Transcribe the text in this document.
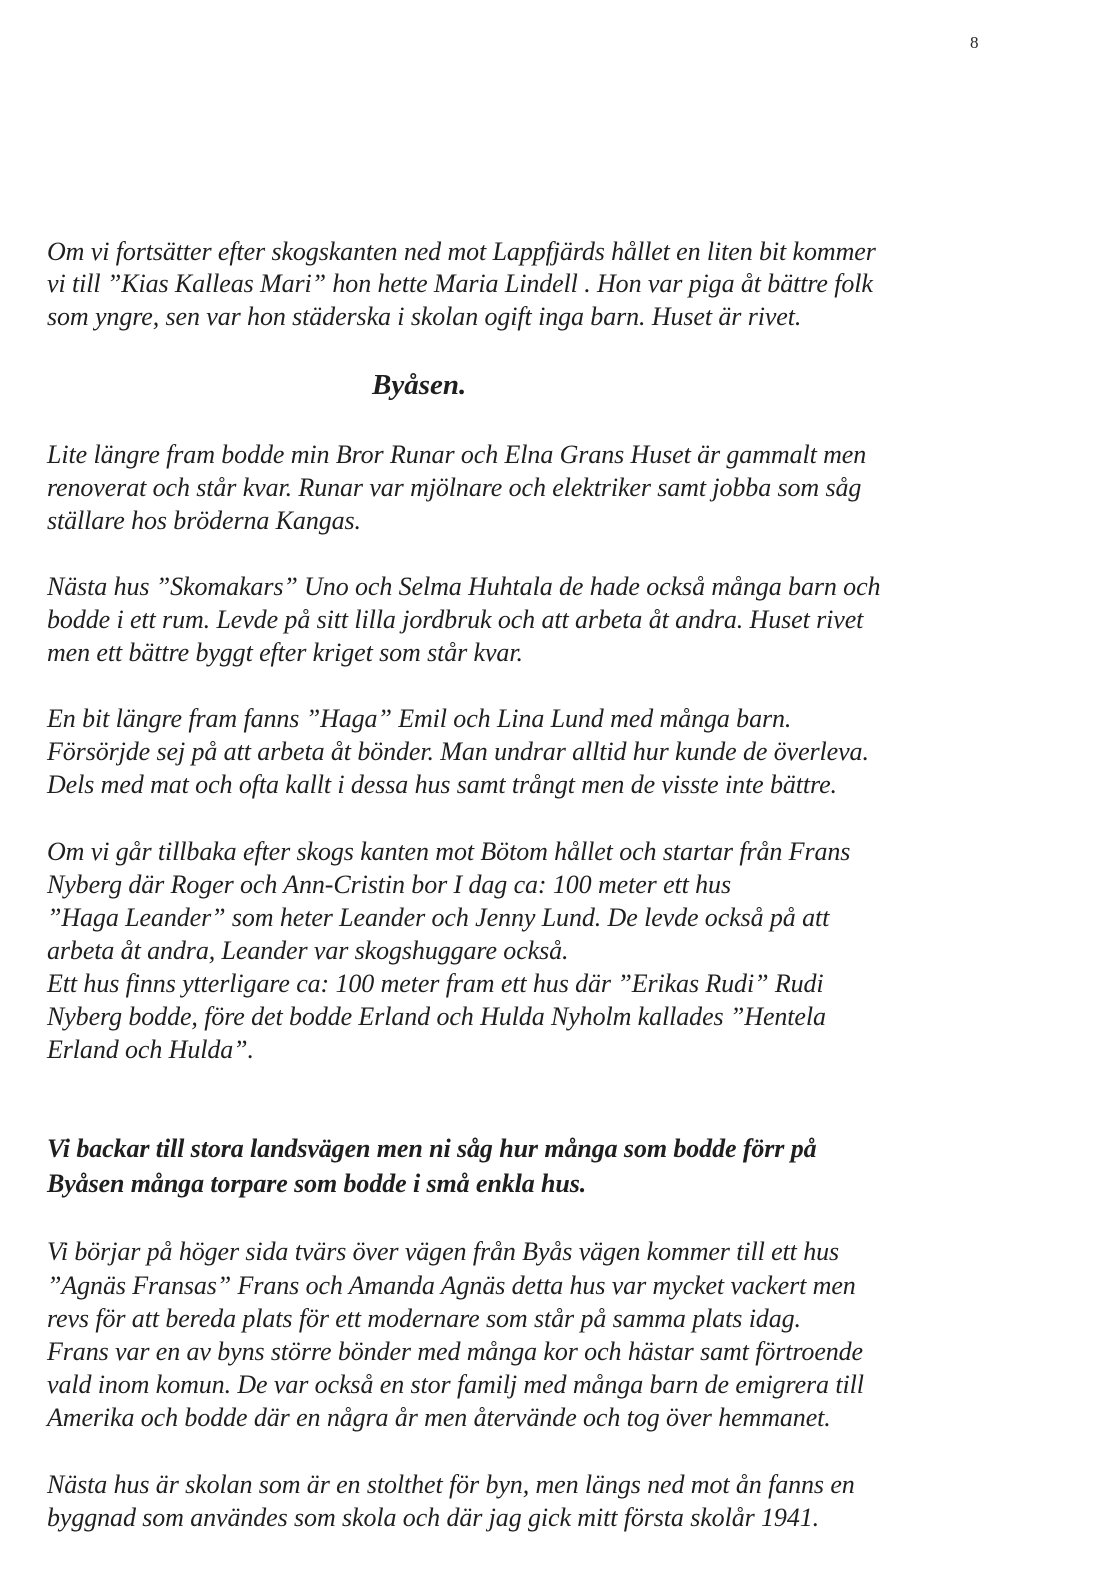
8
Om vi fortsätter efter skogskanten ned mot Lappfjärds hållet en liten bit kommer
vi till ”Kias Kalleas Mari” hon hette Maria Lindell . Hon var piga åt bättre folk
som yngre, sen var hon städerska i skolan ogift inga barn. Huset är rivet.
Byåsen.
Lite längre fram bodde min Bror Runar och Elna Grans Huset är gammalt men
renoverat och står kvar. Runar var mjölnare och elektriker samt jobba som såg
ställare hos bröderna Kangas.
Nästa hus ”Skomakars” Uno och Selma Huhtala de hade också många barn och
bodde i ett rum. Levde på sitt lilla jordbruk och att arbeta åt andra. Huset rivet
men ett bättre byggt efter kriget som står kvar.
En bit längre fram fanns ”Haga” Emil och Lina Lund med många barn.
Försörjde sej på att arbeta åt bönder. Man undrar alltid hur kunde de överleva.
Dels med mat och ofta kallt i dessa hus samt trångt men de visste inte bättre.
Om vi går tillbaka efter skogs kanten mot Bötom hållet och startar från Frans
Nyberg där Roger och Ann-Cristin bor I dag ca: 100 meter ett hus
”Haga Leander” som heter Leander och Jenny Lund. De levde också på att
arbeta åt andra, Leander var skogshuggare också.
Ett hus finns ytterligare ca: 100 meter fram ett hus där ”Erikas Rudi” Rudi
Nyberg bodde, före det bodde Erland och Hulda Nyholm kallades ”Hentela
Erland och Hulda”.
Vi backar till stora landsvägen men ni såg hur många som bodde förr på
Byåsen många torpare som bodde i små enkla hus.
Vi börjar på höger sida tvärs över vägen från Byås vägen kommer till ett hus
”Agnäs Fransas” Frans och Amanda Agnäs detta hus var mycket vackert men
revs för att bereda plats för ett modernare som står på samma plats idag.
Frans var en av byns större bönder med många kor och hästar samt förtroende
vald inom komun. De var också en stor familj med många barn de emigrera till
Amerika och bodde där en några år men återvände och tog över hemmanet.
Nästa hus är skolan som är en stolthet för byn, men längs ned mot ån fanns en
byggnad som användes som skola och där jag gick mitt första skolår 1941.
